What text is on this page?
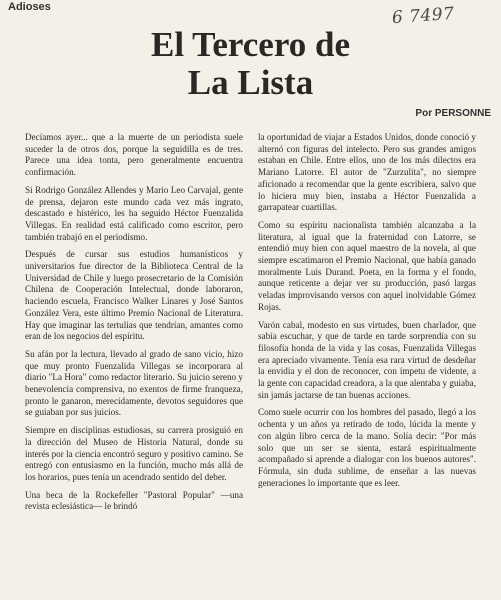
Adioses	6 7497
El Tercero de
La Lista
Por PERSONNE

Decíamos ayer... que a la muerte de un periodista suele suceder la de otros dos, porque la seguidilla es de tres. Parece una idea tonta, pero generalmente encuentra confirmación.

Si Rodrigo González Allendes y Mario Leo Carvajal, gente de prensa, dejaron este mundo cada vez más ingrato, descastado e histérico, les ha seguido Héctor Fuenzalida Villegas. En realidad está calificado como escritor, pero también trabajó en el periodismo.

Después de cursar sus estudios humanísticos y universitarios fue director de la Biblioteca Central de la Universidad de Chile y luego prosecretario de la Comisión Chilena de Cooperación Intelectual, donde laboraron, haciendo escuela, Francisco Walker Linares y José Santos González Vera, este último Premio Nacional de Literatura. Hay que imaginar las tertulias que tendrían, amantes como eran de los negocios del espíritu.

Su afán por la lectura, llevado al grado de sano vicio, hizo que muy pronto Fuenzalida Villegas se incorporara al diario "La Hora" como redactor literario. Su juicio sereno y benevolencia comprensiva, no exentos de firme franqueza, pronto le ganaron, merecidamente, devotos seguidores que se guiaban por sus juicios.

Siempre en disciplinas estudiosas, su carrera prosiguió en la dirección del Museo de Historia Natural, donde su interés por la ciencia encontró seguro y positivo camino. Se entregó con entusiasmo en la función, mucho más allá de los horarios, pues tenía un acendrado sentido del deber.

Una beca de la Rockefeller "Pastoral Popular" —una revista eclesiástica— le brindó

la oportunidad de viajar a Estados Unidos, donde conoció y alternó con figuras del intelecto. Pero sus grandes amigos estaban en Chile. Entre ellos, uno de los más dilectos era Mariano Latorre. El autor de "Zurzulita", no siempre aficionado a recomendar que la gente escribiera, salvo que lo hiciera muy bien, instaba a Héctor Fuenzalida a garrapatear cuartillas.

Como su espíritu nacionalista también alcanzaba a la literatura, al igual que la fraternidad con Latorre, se entendió muy bien con aquel maestro de la novela, al que siempre escatimaron el Premio Nacional, que había ganado moralmente Luis Durand. Poeta, en la forma y el fondo, aunque reticente a dejar ver su producción, pasó largas veladas improvisando versos con aquel inolvidable Gómez Rojas.

Varón cabal, modesto en sus virtudes, buen charlador, que sabía escuchar, y que de tarde en tarde sorprendía con su filosofía honda de la vida y las cosas, Fuenzalida Villegas era apreciado vivamente. Tenía esa rara virtud de desdeñar la envidia y el don de reconocer, con ímpetu de vidente, a la gente con capacidad creadora, a la que alentaba y guiaba, sin jamás jactarse de tan buenas acciones.

Como suele ocurrir con los hombres del pasado, llegó a los ochenta y un años ya retirado de todo, lúcida la mente y con algún libro cerca de la mano. Solía decir: "Por más solo que un ser se sienta, estará espiritualmente acompañado si aprende a dialogar con los buenos autores". Fórmula, sin duda sublime, de enseñar a las nuevas generaciones lo importante que es leer.
